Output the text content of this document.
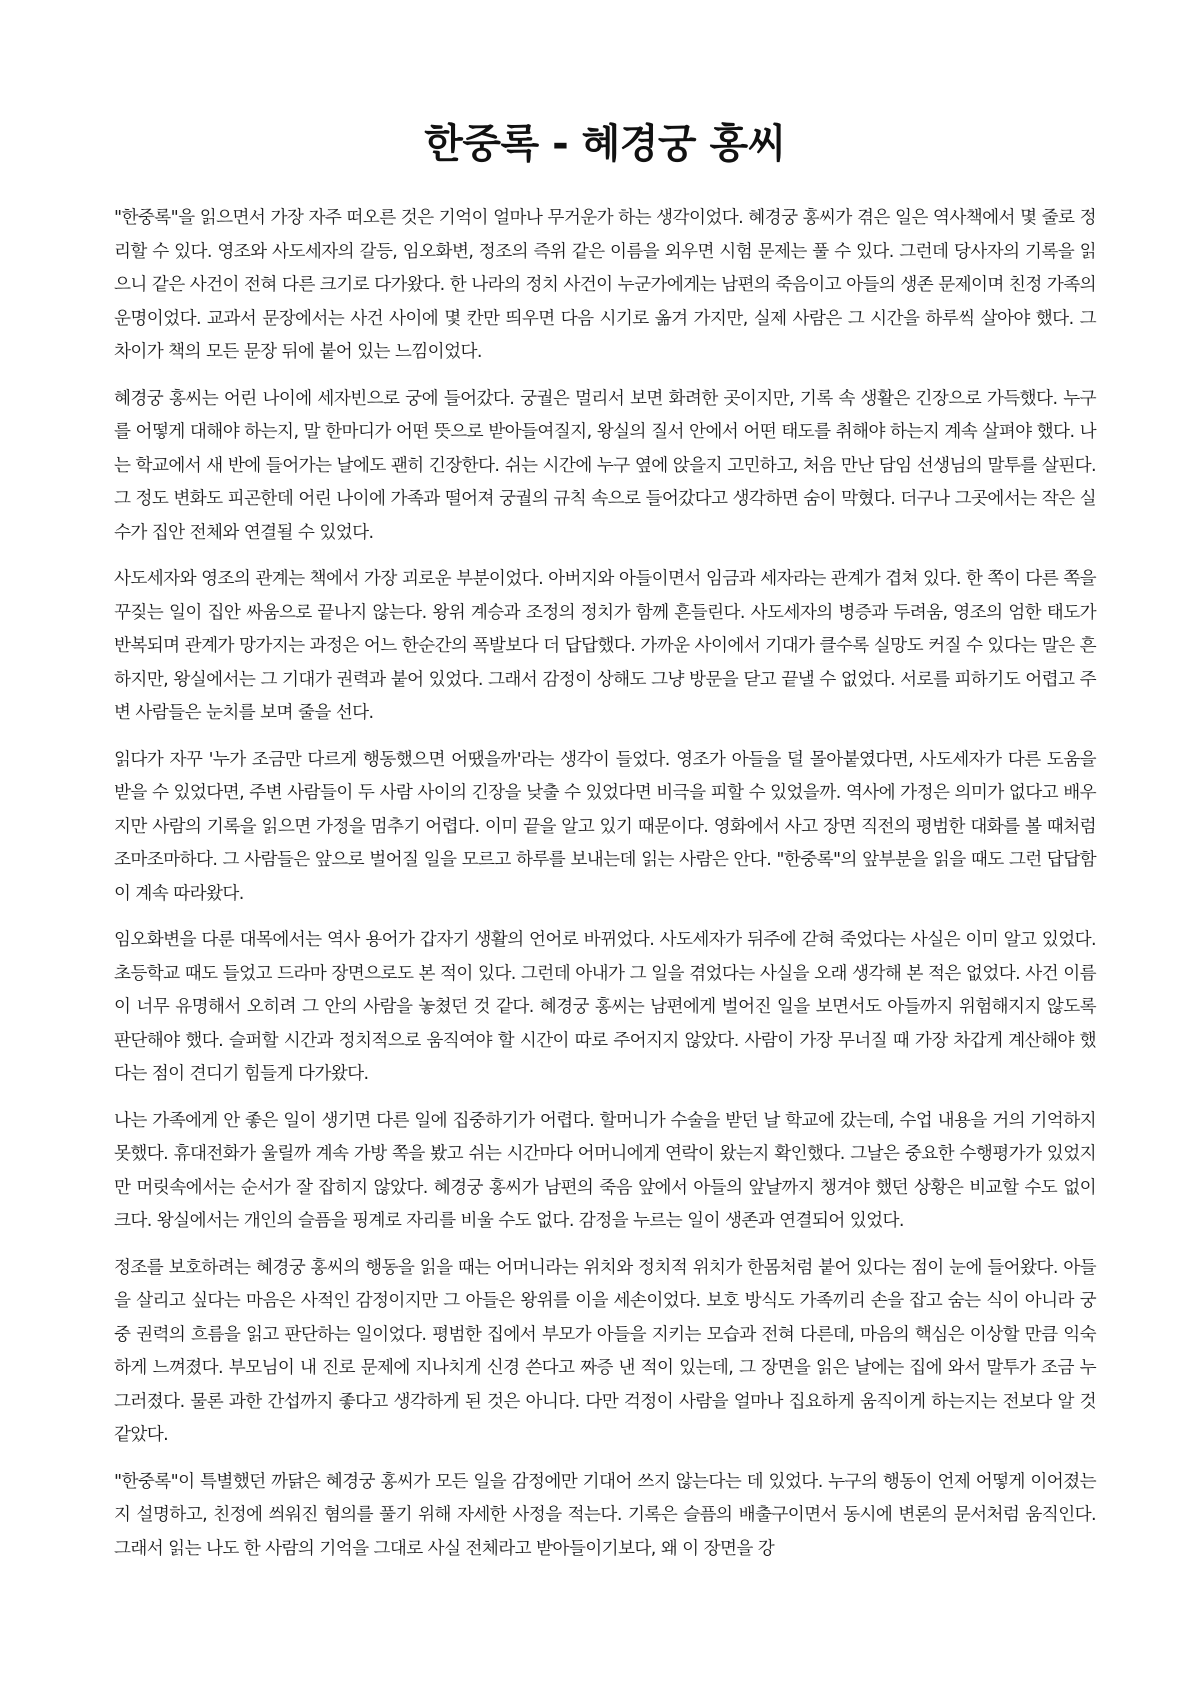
한중록 - 혜경궁 홍씨

"한중록"을 읽으면서 가장 자주 떠오른 것은 기억이 얼마나 무거운가 하는 생각이었다. 혜경궁 홍씨가 겪은 일은 역사책에서 몇 줄로 정리할 수 있다. 영조와 사도세자의 갈등, 임오화변, 정조의 즉위 같은 이름을 외우면 시험 문제는 풀 수 있다. 그런데 당사자의 기록을 읽으니 같은 사건이 전혀 다른 크기로 다가왔다. 한 나라의 정치 사건이 누군가에게는 남편의 죽음이고 아들의 생존 문제이며 친정 가족의 운명이었다. 교과서 문장에서는 사건 사이에 몇 칸만 띄우면 다음 시기로 옮겨 가지만, 실제 사람은 그 시간을 하루씩 살아야 했다. 그 차이가 책의 모든 문장 뒤에 붙어 있는 느낌이었다.

혜경궁 홍씨는 어린 나이에 세자빈으로 궁에 들어갔다. 궁궐은 멀리서 보면 화려한 곳이지만, 기록 속 생활은 긴장으로 가득했다. 누구를 어떻게 대해야 하는지, 말 한마디가 어떤 뜻으로 받아들여질지, 왕실의 질서 안에서 어떤 태도를 취해야 하는지 계속 살펴야 했다. 나는 학교에서 새 반에 들어가는 날에도 괜히 긴장한다. 쉬는 시간에 누구 옆에 앉을지 고민하고, 처음 만난 담임 선생님의 말투를 살핀다. 그 정도 변화도 피곤한데 어린 나이에 가족과 떨어져 궁궐의 규칙 속으로 들어갔다고 생각하면 숨이 막혔다. 더구나 그곳에서는 작은 실수가 집안 전체와 연결될 수 있었다.

사도세자와 영조의 관계는 책에서 가장 괴로운 부분이었다. 아버지와 아들이면서 임금과 세자라는 관계가 겹쳐 있다. 한 쪽이 다른 쪽을 꾸짖는 일이 집안 싸움으로 끝나지 않는다. 왕위 계승과 조정의 정치가 함께 흔들린다. 사도세자의 병증과 두려움, 영조의 엄한 태도가 반복되며 관계가 망가지는 과정은 어느 한순간의 폭발보다 더 답답했다. 가까운 사이에서 기대가 클수록 실망도 커질 수 있다는 말은 흔하지만, 왕실에서는 그 기대가 권력과 붙어 있었다. 그래서 감정이 상해도 그냥 방문을 닫고 끝낼 수 없었다. 서로를 피하기도 어렵고 주변 사람들은 눈치를 보며 줄을 선다.

읽다가 자꾸 '누가 조금만 다르게 행동했으면 어땠을까'라는 생각이 들었다. 영조가 아들을 덜 몰아붙였다면, 사도세자가 다른 도움을 받을 수 있었다면, 주변 사람들이 두 사람 사이의 긴장을 낮출 수 있었다면 비극을 피할 수 있었을까. 역사에 가정은 의미가 없다고 배우지만 사람의 기록을 읽으면 가정을 멈추기 어렵다. 이미 끝을 알고 있기 때문이다. 영화에서 사고 장면 직전의 평범한 대화를 볼 때처럼 조마조마하다. 그 사람들은 앞으로 벌어질 일을 모르고 하루를 보내는데 읽는 사람은 안다. "한중록"의 앞부분을 읽을 때도 그런 답답함이 계속 따라왔다.

임오화변을 다룬 대목에서는 역사 용어가 갑자기 생활의 언어로 바뀌었다. 사도세자가 뒤주에 갇혀 죽었다는 사실은 이미 알고 있었다. 초등학교 때도 들었고 드라마 장면으로도 본 적이 있다. 그런데 아내가 그 일을 겪었다는 사실을 오래 생각해 본 적은 없었다. 사건 이름이 너무 유명해서 오히려 그 안의 사람을 놓쳤던 것 같다. 혜경궁 홍씨는 남편에게 벌어진 일을 보면서도 아들까지 위험해지지 않도록 판단해야 했다. 슬퍼할 시간과 정치적으로 움직여야 할 시간이 따로 주어지지 않았다. 사람이 가장 무너질 때 가장 차갑게 계산해야 했다는 점이 견디기 힘들게 다가왔다.

나는 가족에게 안 좋은 일이 생기면 다른 일에 집중하기가 어렵다. 할머니가 수술을 받던 날 학교에 갔는데, 수업 내용을 거의 기억하지 못했다. 휴대전화가 울릴까 계속 가방 쪽을 봤고 쉬는 시간마다 어머니에게 연락이 왔는지 확인했다. 그날은 중요한 수행평가가 있었지만 머릿속에서는 순서가 잘 잡히지 않았다. 혜경궁 홍씨가 남편의 죽음 앞에서 아들의 앞날까지 챙겨야 했던 상황은 비교할 수도 없이 크다. 왕실에서는 개인의 슬픔을 핑계로 자리를 비울 수도 없다. 감정을 누르는 일이 생존과 연결되어 있었다.

정조를 보호하려는 혜경궁 홍씨의 행동을 읽을 때는 어머니라는 위치와 정치적 위치가 한몸처럼 붙어 있다는 점이 눈에 들어왔다. 아들을 살리고 싶다는 마음은 사적인 감정이지만 그 아들은 왕위를 이을 세손이었다. 보호 방식도 가족끼리 손을 잡고 숨는 식이 아니라 궁중 권력의 흐름을 읽고 판단하는 일이었다. 평범한 집에서 부모가 아들을 지키는 모습과 전혀 다른데, 마음의 핵심은 이상할 만큼 익숙하게 느껴졌다. 부모님이 내 진로 문제에 지나치게 신경 쓴다고 짜증 낸 적이 있는데, 그 장면을 읽은 날에는 집에 와서 말투가 조금 누그러졌다. 물론 과한 간섭까지 좋다고 생각하게 된 것은 아니다. 다만 걱정이 사람을 얼마나 집요하게 움직이게 하는지는 전보다 알 것 같았다.

"한중록"이 특별했던 까닭은 혜경궁 홍씨가 모든 일을 감정에만 기대어 쓰지 않는다는 데 있었다. 누구의 행동이 언제 어떻게 이어졌는지 설명하고, 친정에 씌워진 혐의를 풀기 위해 자세한 사정을 적는다. 기록은 슬픔의 배출구이면서 동시에 변론의 문서처럼 움직인다. 그래서 읽는 나도 한 사람의 기억을 그대로 사실 전체라고 받아들이기보다, 왜 이 장면을 강
